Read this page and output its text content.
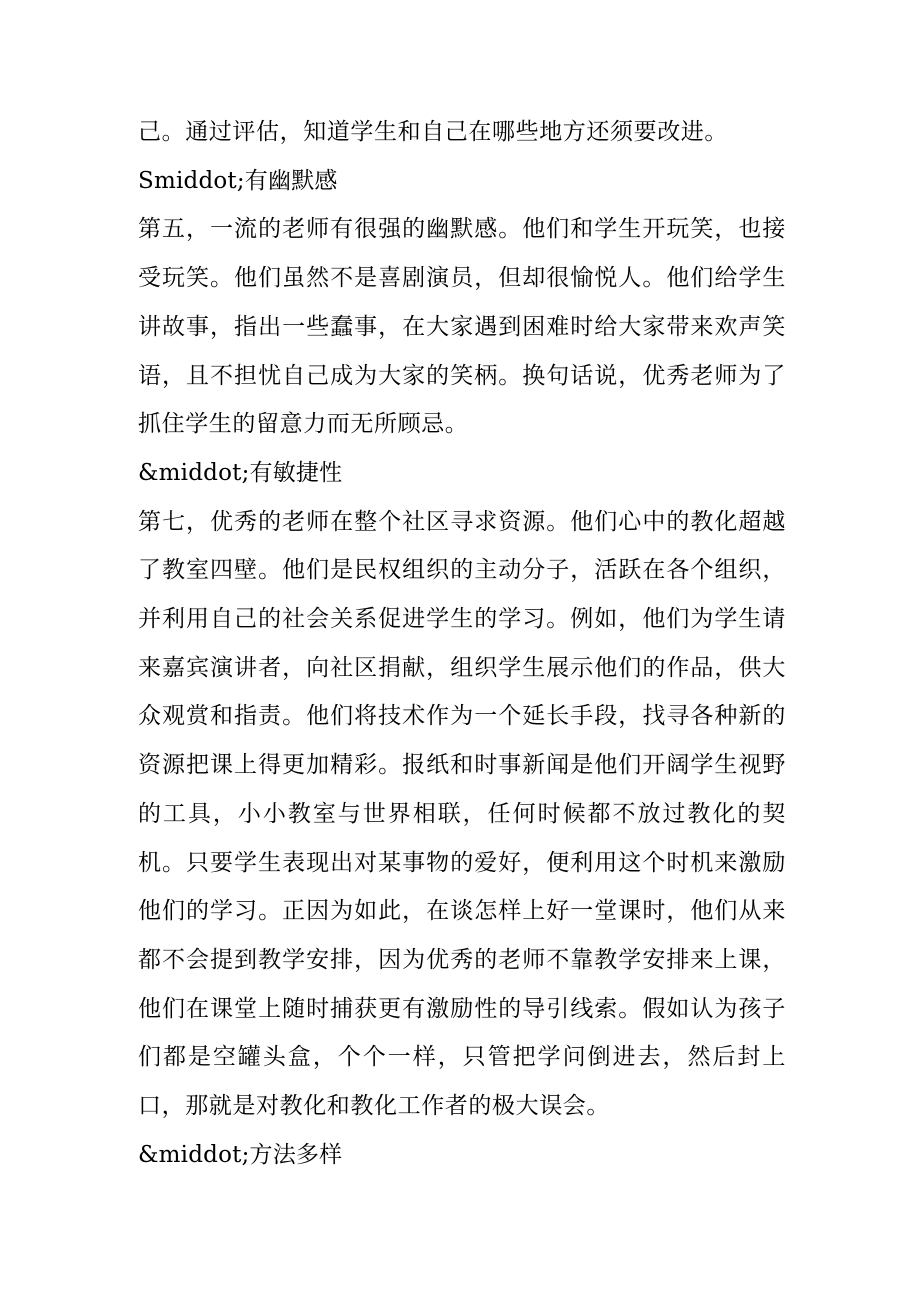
己。通过评估，知道学生和自己在哪些地方还须要改进。

Smiddot;有幽默感

第五，一流的老师有很强的幽默感。他们和学生开玩笑，也接受玩笑。他们虽然不是喜剧演员，但却很愉悦人。他们给学生讲故事，指出一些蠢事，在大家遇到困难时给大家带来欢声笑语，且不担忧自己成为大家的笑柄。换句话说，优秀老师为了抓住学生的留意力而无所顾忌。

&middot;有敏捷性

第七，优秀的老师在整个社区寻求资源。他们心中的教化超越了教室四壁。他们是民权组织的主动分子，活跃在各个组织，并利用自己的社会关系促进学生的学习。例如，他们为学生请来嘉宾演讲者，向社区捐献，组织学生展示他们的作品，供大众观赏和指责。他们将技术作为一个延长手段，找寻各种新的资源把课上得更加精彩。报纸和时事新闻是他们开阔学生视野的工具，小小教室与世界相联，任何时候都不放过教化的契机。只要学生表现出对某事物的爱好，便利用这个时机来激励他们的学习。正因为如此，在谈怎样上好一堂课时，他们从来都不会提到教学安排，因为优秀的老师不靠教学安排来上课，他们在课堂上随时捕获更有激励性的导引线索。假如认为孩子们都是空罐头盒，个个一样，只管把学问倒进去，然后封上口，那就是对教化和教化工作者的极大误会。

&middot;方法多样
